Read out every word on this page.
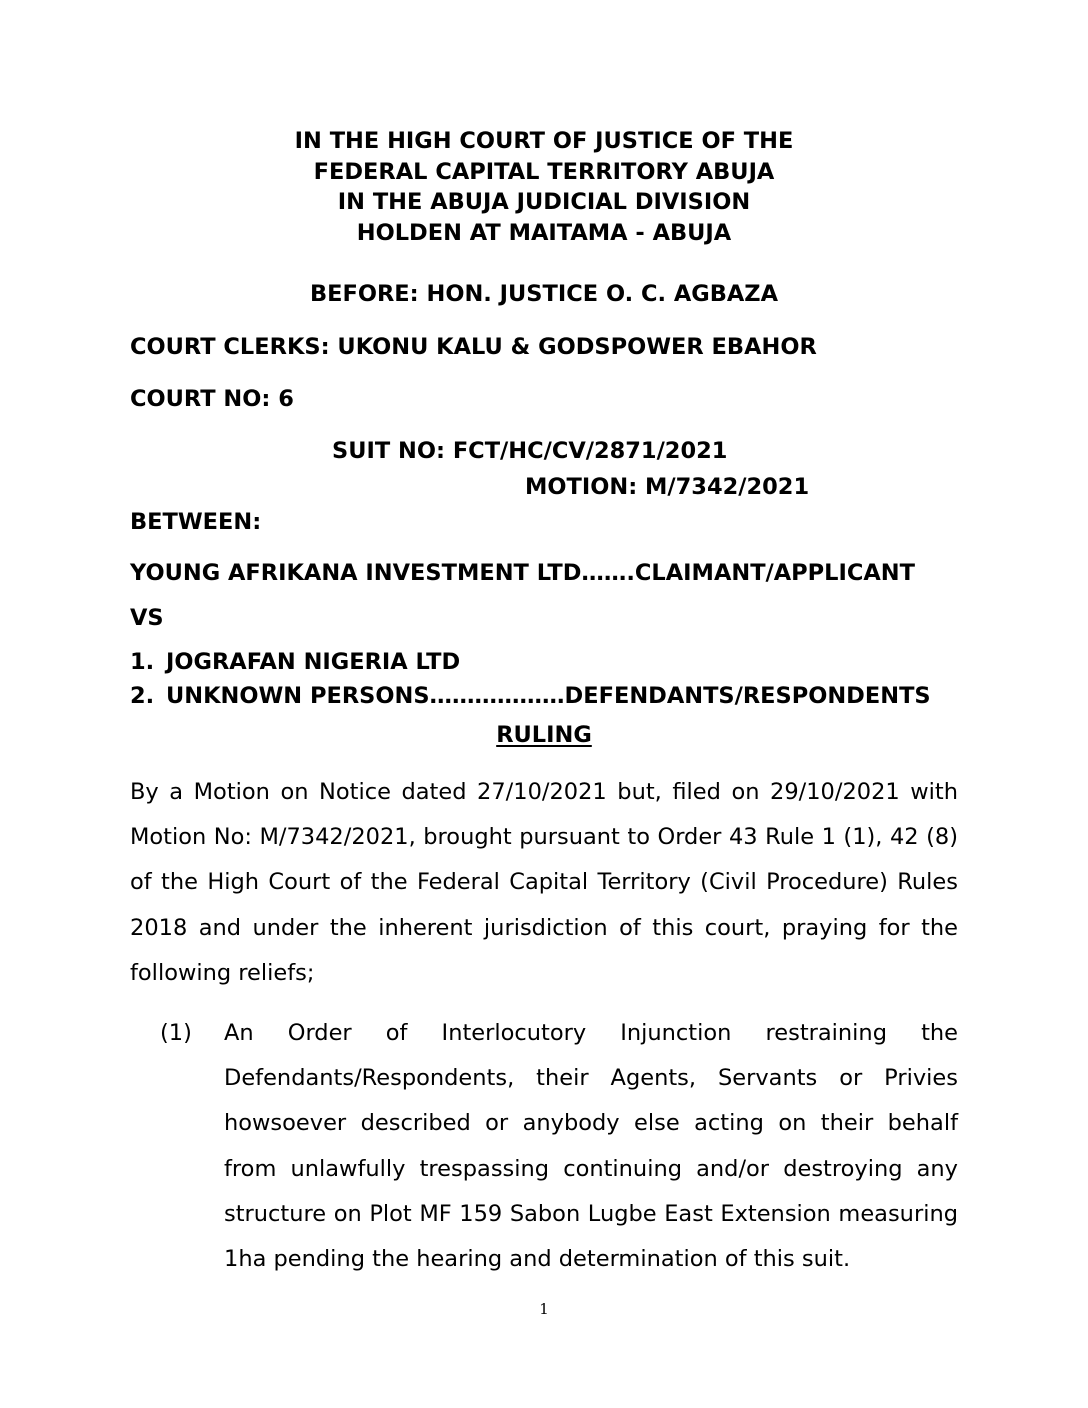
IN THE HIGH COURT OF JUSTICE OF THE
FEDERAL CAPITAL TERRITORY ABUJA
IN THE ABUJA JUDICIAL DIVISION
HOLDEN AT MAITAMA - ABUJA
BEFORE: HON. JUSTICE O. C. AGBAZA
COURT CLERKS: UKONU KALU & GODSPOWER EBAHOR
COURT NO: 6
SUIT NO: FCT/HC/CV/2871/2021
MOTION: M/7342/2021
BETWEEN:
YOUNG AFRIKANA INVESTMENT LTD…….CLAIMANT/APPLICANT
VS
1. JOGRAFAN NIGERIA LTD
2. UNKNOWN PERSONS………………DEFENDANTS/RESPONDENTS
RULING
By a Motion on Notice dated 27/10/2021 but, filed on 29/10/2021 with Motion No: M/7342/2021, brought pursuant to Order 43 Rule 1 (1), 42 (8) of the High Court of the Federal Capital Territory (Civil Procedure) Rules 2018 and under the inherent jurisdiction of this court, praying for the following reliefs;
(1) An Order of Interlocutory Injunction restraining the Defendants/Respondents, their Agents, Servants or Privies howsoever described or anybody else acting on their behalf from unlawfully trespassing continuing and/or destroying any structure on Plot MF 159 Sabon Lugbe East Extension measuring 1ha pending the hearing and determination of this suit.
1
